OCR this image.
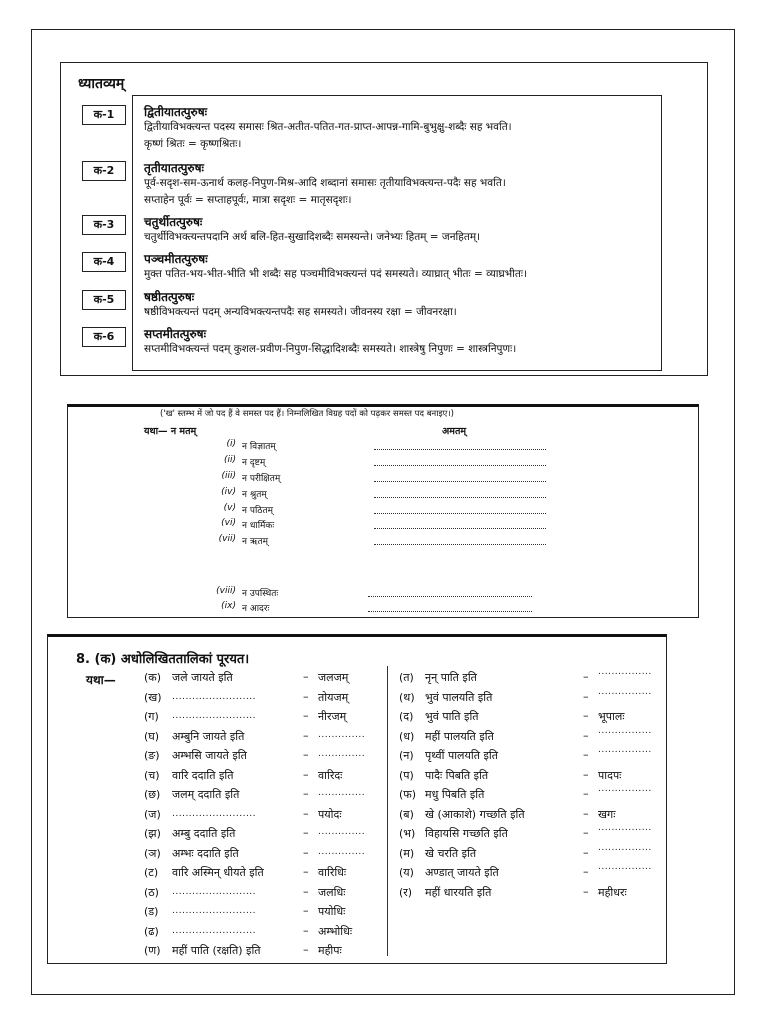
ध्यातव्यम्
क-1	द्वितीयातत्पुरुषः
द्वितीयाविभक्त्यन्त पदस्य समासः श्रित-अतीत-पतित-गत-प्राप्त-आपन्न-गामि-बुभुक्षु-शब्दैः सह भवति।
कृष्णं श्रितः = कृष्णश्रितः।
क-2	तृतीयातत्पुरुषः
पूर्व-सदृश-सम-ऊनार्थ कलह-निपुण-मिश्र-आदि शब्दानां समासः तृतीयाविभक्त्यन्त-पदैः सह भवति।
सप्ताहेन पूर्वः = सप्ताहपूर्वः, मात्रा सदृशः = मातृसदृशः।
क-3	चतुर्थीतत्पुरुषः
चतुर्थीविभक्त्यन्तपदानि अर्थ बलि-हित-सुखादिशब्दैः समस्यन्ते। जनेभ्यः हितम् = जनहितम्।
क-4	पञ्चमीतत्पुरुषः
मुक्त पतित-भय-भीत-भीति भी शब्दैः सह पञ्चमीविभक्त्यन्तं पदं समस्यते। व्याघ्रात् भीतः = व्याघ्रभीतः।
क-5	षष्ठीतत्पुरुषः
षष्ठीविभक्त्यन्तं पदम् अन्यविभक्त्यन्तपदैः सह समस्यते। जीवनस्य रक्षा = जीवनरक्षा।
क-6	सप्तमीतत्पुरुषः
सप्तमीविभक्त्यन्तं पदम् कुशल-प्रवीण-निपुण-सिद्धादिशब्दैः समस्यते। शास्त्रेषु निपुणः = शास्त्रनिपुणः।
('ख' स्तम्भ में जो पद हैं वे समस्त पद हैं। निम्नलिखित विग्रह पदों को पढ़कर समस्त पद बनाइए।)
यथा— न मतम्	अमतम्
(i) न विज्ञातम्
(ii) न दृष्टम्
(iii) न परीक्षितम्
(iv) न श्रुतम्
(v) न पठितम्
(vi) न धार्मिकः
(vii) न ऋतम्
(viii) न उपस्थितः
(ix) न आदरः
8. (क) अधोलिखिततालिकां पूरयत।
यथा—	(क) जले जायते इति	– जलजम्
(ख) .........................	– तोयजम्
(ग) .........................	– नीरजम्
(घ) अम्बुनि जायते इति	– ..............
(ङ) अम्भसि जायते इति	– ..............
(च) वारि ददाति इति	– वारिदः
(छ) जलम् ददाति इति	– ..............
(ज) .........................	– पयोदः
(झ) अम्बु ददाति इति	– ..............
(ञ) अम्भः ददाति इति	– ..............
(ट) वारि अस्मिन् धीयते इति	– वारिधिः
(ठ) .........................	– जलधिः
(ड) .........................	– पयोधिः
(ढ) .........................	– अम्भोधिः
(ण) महीं पाति (रक्षति) इति	– महीपः
(त) नृन् पाति इति	– ................
(थ) भुवं पालयति इति	– ................
(द) भुवं पाति इति	– भूपालः
(ध) महीं पालयति इति	– ................
(न) पृथ्वीं पालयति इति	– ................
(प) पादैः पिबति इति	– पादपः
(फ) मधु पिबति इति	– ................
(ब) खे (आकाशे) गच्छति इति	– खगः
(भ) विहायसि गच्छति इति	– ................
(म) खे चरति इति	– ................
(य) अण्डात् जायते इति	– ................
(र) महीं धारयति इति	– महीधरः
